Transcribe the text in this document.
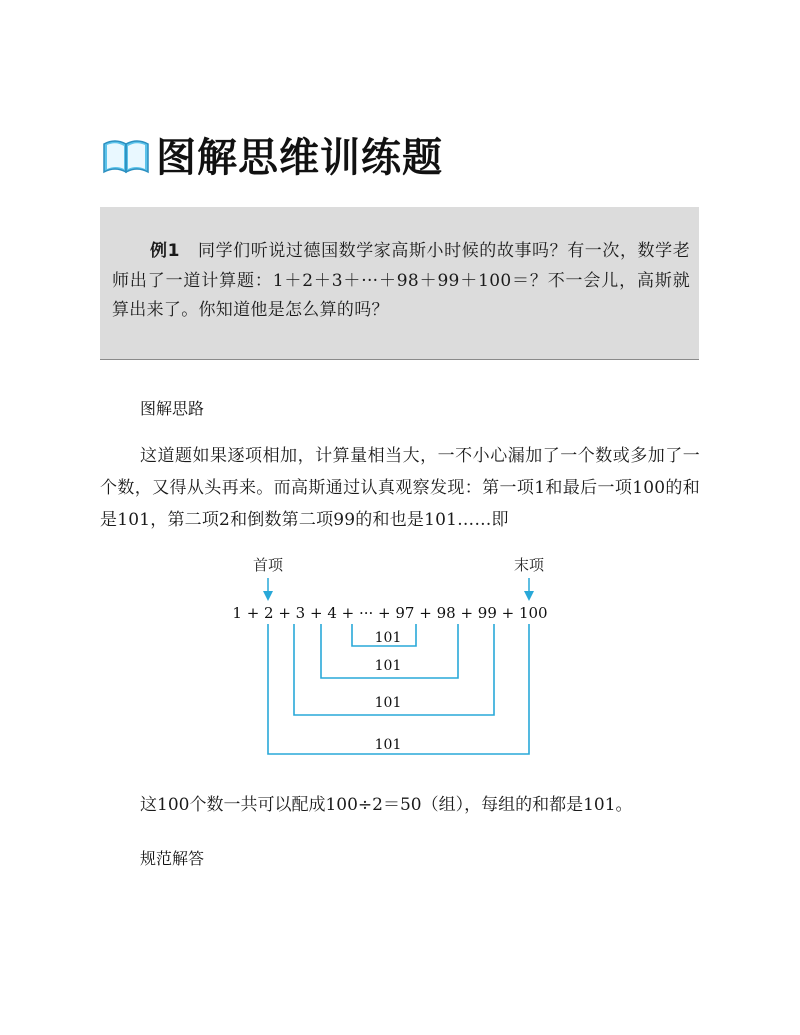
图解思维训练题
例1 同学们听说过德国数学家高斯小时候的故事吗？有一次，数学老师出了一道计算题：1＋2＋3＋···＋98＋99＋100＝？不一会儿，高斯就算出来了。你知道他是怎么算的吗？
图解思路
这道题如果逐项相加，计算量相当大，一不小心漏加了一个数或多加了一个数，又得从头再来。而高斯通过认真观察发现：第一项1和最后一项100的和是101，第二项2和倒数第二项99的和也是101……即
首项	末项
1 + 2 + 3 + 4 + ··· + 97 + 98 + 99 + 100
101
101
101
101
这100个数一共可以配成100÷2＝50（组），每组的和都是101。
规范解答
